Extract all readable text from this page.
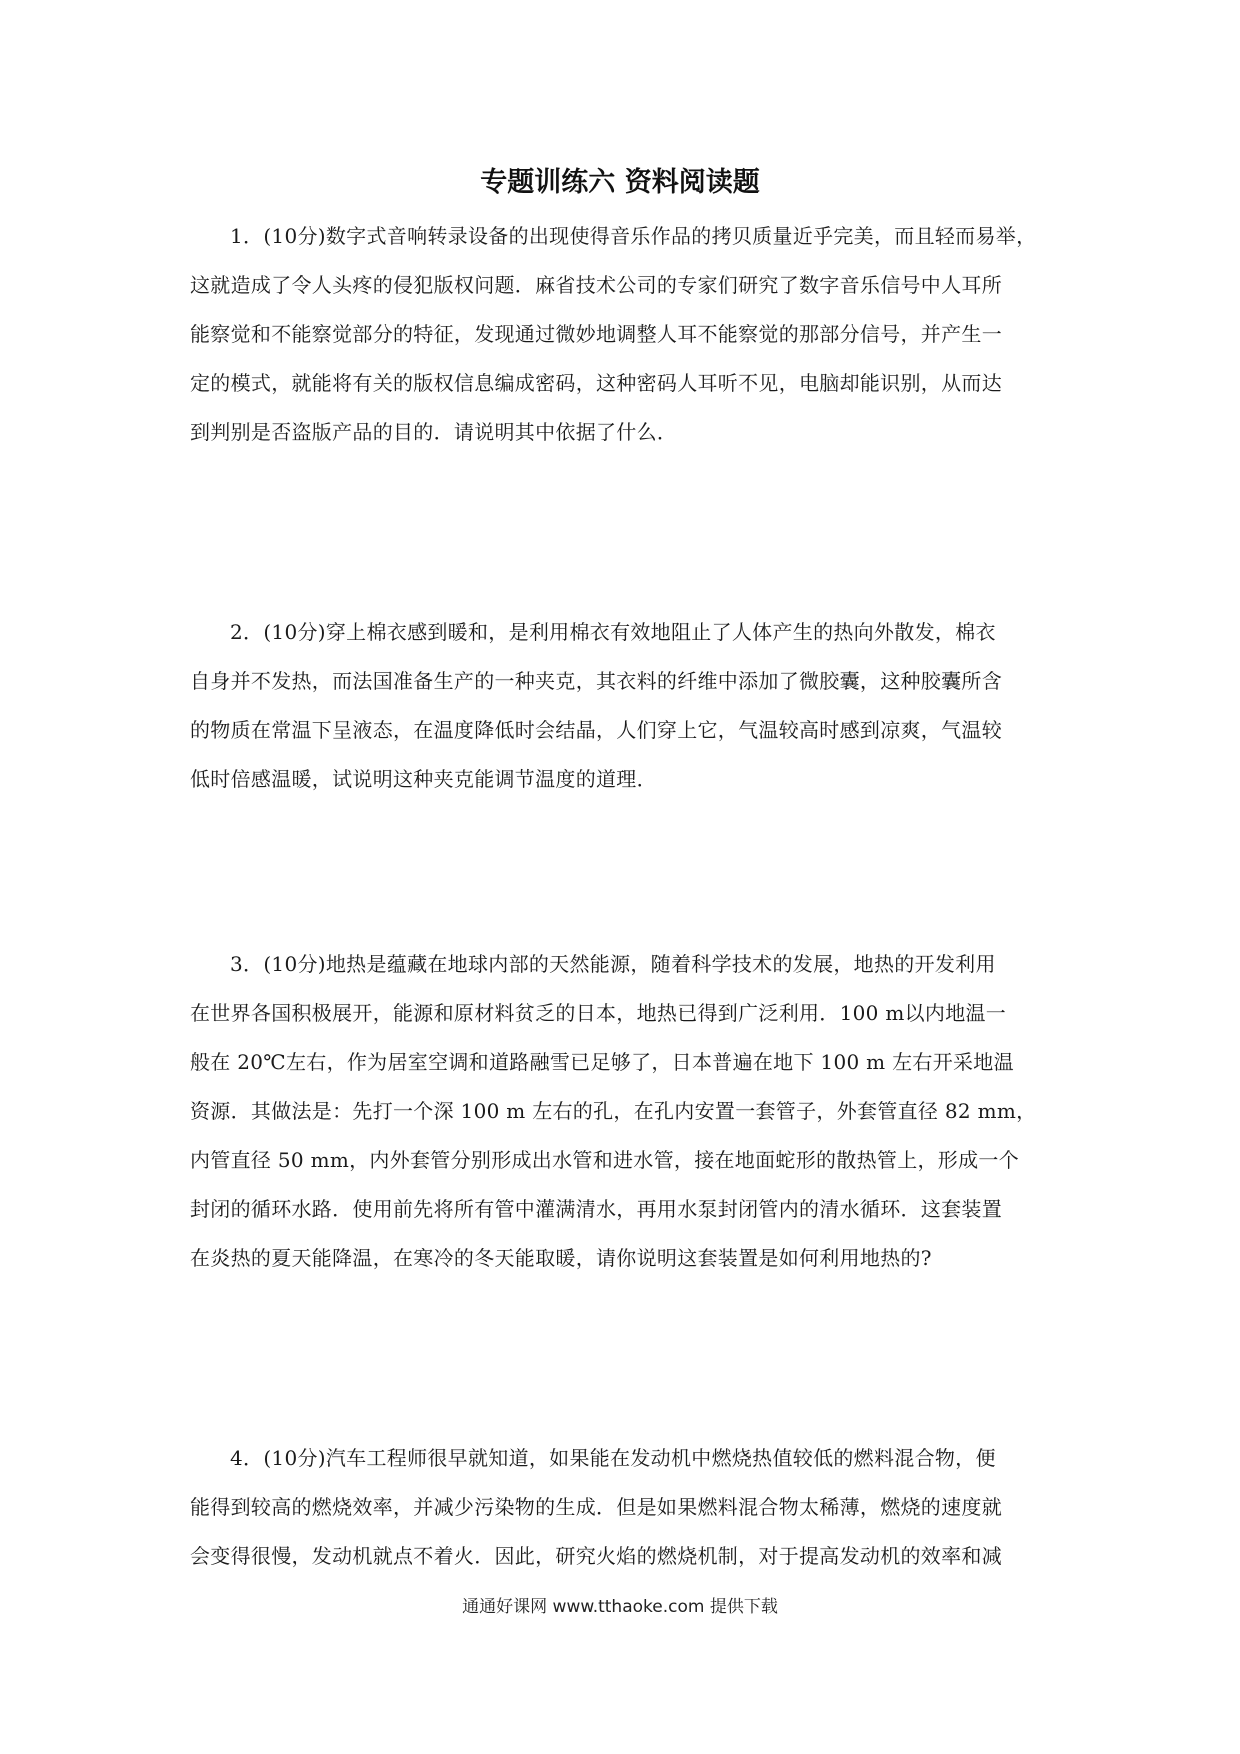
专题训练六 资料阅读题
1．(10分)数字式音响转录设备的出现使得音乐作品的拷贝质量近乎完美，而且轻而易举，
这就造成了令人头疼的侵犯版权问题．麻省技术公司的专家们研究了数字音乐信号中人耳所
能察觉和不能察觉部分的特征，发现通过微妙地调整人耳不能察觉的那部分信号，并产生一
定的模式，就能将有关的版权信息编成密码，这种密码人耳听不见，电脑却能识别，从而达
到判别是否盗版产品的目的．请说明其中依据了什么．
2．(10分)穿上棉衣感到暖和，是利用棉衣有效地阻止了人体产生的热向外散发，棉衣
自身并不发热，而法国准备生产的一种夹克，其衣料的纤维中添加了微胶囊，这种胶囊所含
的物质在常温下呈液态，在温度降低时会结晶，人们穿上它，气温较高时感到凉爽，气温较
低时倍感温暖，试说明这种夹克能调节温度的道理．
3．(10分)地热是蕴藏在地球内部的天然能源，随着科学技术的发展，地热的开发利用
在世界各国积极展开，能源和原材料贫乏的日本，地热已得到广泛利用．100 m以内地温一
般在 20℃左右，作为居室空调和道路融雪已足够了，日本普遍在地下 100 m 左右开采地温
资源．其做法是：先打一个深 100 m 左右的孔，在孔内安置一套管子，外套管直径 82 mm，
内管直径 50 mm，内外套管分别形成出水管和进水管，接在地面蛇形的散热管上，形成一个
封闭的循环水路．使用前先将所有管中灌满清水，再用水泵封闭管内的清水循环．这套装置
在炎热的夏天能降温，在寒冷的冬天能取暖，请你说明这套装置是如何利用地热的?
4．(10分)汽车工程师很早就知道，如果能在发动机中燃烧热值较低的燃料混合物，便
能得到较高的燃烧效率，并减少污染物的生成．但是如果燃料混合物太稀薄，燃烧的速度就
会变得很慢，发动机就点不着火．因此，研究火焰的燃烧机制，对于提高发动机的效率和减
通通好课网 www.tthaoke.com 提供下载
